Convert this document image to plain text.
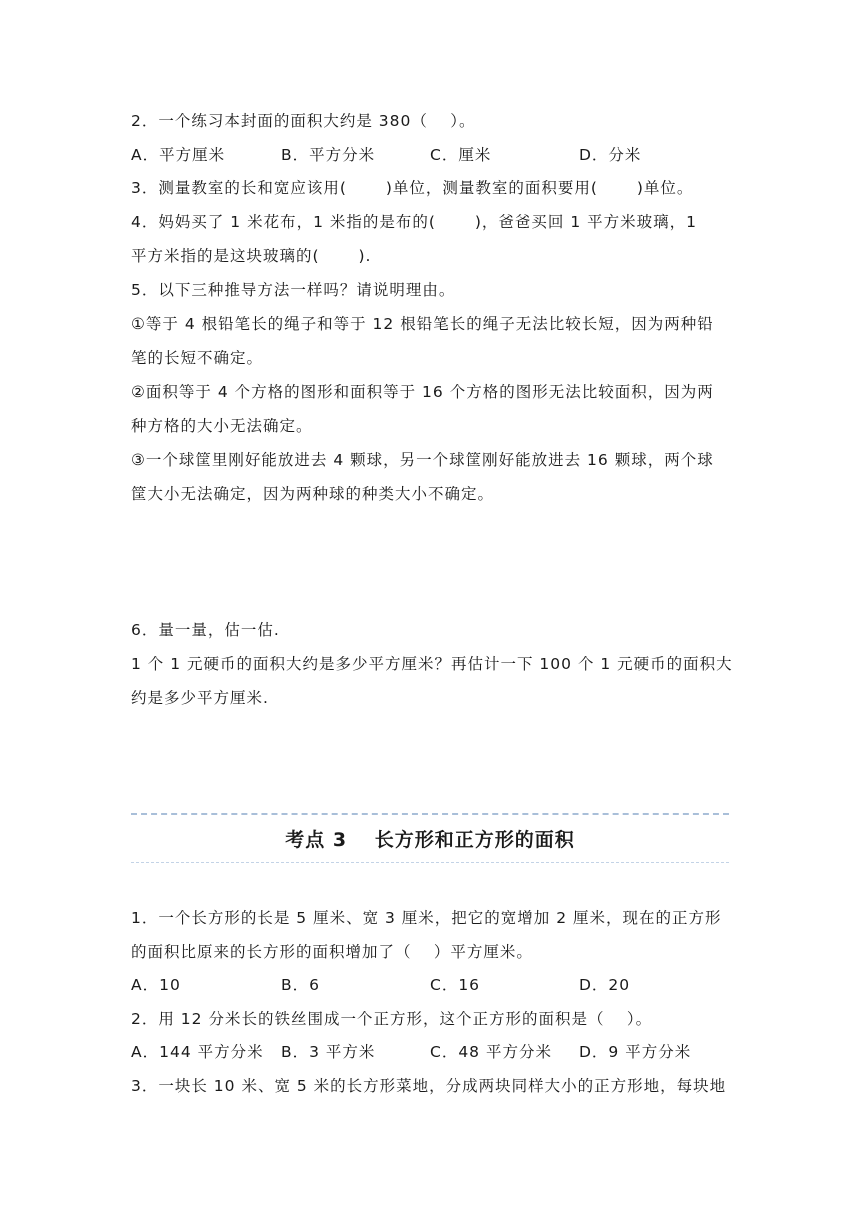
2．一个练习本封面的面积大约是 380（　 ）。
A．平方厘米	B．平方分米	C．厘米	D．分米
3．测量教室的长和宽应该用(　　 )单位，测量教室的面积要用(　　 )单位。
4．妈妈买了 1 米花布，1 米指的是布的(　　 )，爸爸买回 1 平方米玻璃，1
平方米指的是这块玻璃的(　　 ).
5．以下三种推导方法一样吗？请说明理由。
①等于 4 根铅笔长的绳子和等于 12 根铅笔长的绳子无法比较长短，因为两种铅
笔的长短不确定。
②面积等于 4 个方格的图形和面积等于 16 个方格的图形无法比较面积，因为两
种方格的大小无法确定。
③一个球筐里刚好能放进去 4 颗球，另一个球筐刚好能放进去 16 颗球，两个球
筐大小无法确定，因为两种球的种类大小不确定。
6．量一量，估一估.
1 个 1 元硬币的面积大约是多少平方厘米？再估计一下 100 个 1 元硬币的面积大
约是多少平方厘米.
考点 3　 长方形和正方形的面积
1．一个长方形的长是 5 厘米、宽 3 厘米，把它的宽增加 2 厘米，现在的正方形
的面积比原来的长方形的面积增加了（　 ）平方厘米。
A．10	B．6	C．16	D．20
2．用 12 分米长的铁丝围成一个正方形，这个正方形的面积是（　 ）。
A．144 平方分米 B．3 平方米	C．48 平方分米 D．9 平方分米
3．一块长 10 米、宽 5 米的长方形菜地，分成两块同样大小的正方形地，每块地
